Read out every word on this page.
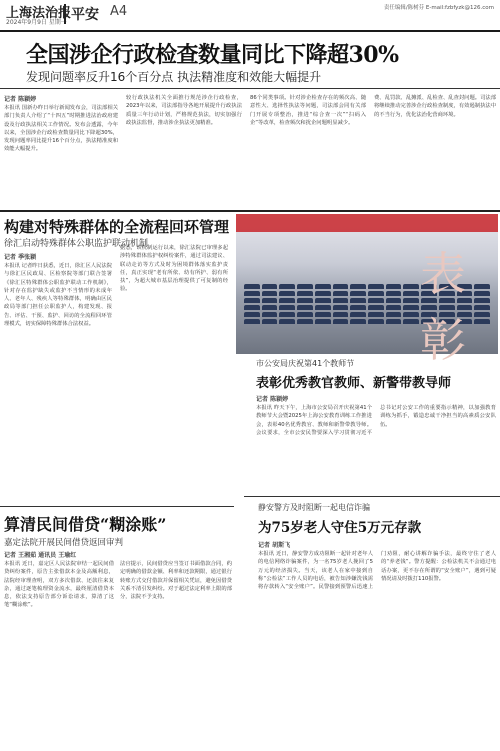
上海法治报
2024年9月9日 星期一 平安 A4	责任编辑/陈树芬 E-mail:fzbfyzk@126.com
全国涉企行政检查数量同比下降超30%
发现问题率反升16个百分点 执法精准度和效能大幅提升
记者 陈颖婷
本报讯 国新办昨日举行新闻发布会，司法部相关部门负责人介绍了“十四五”时期推进法治政府建设及行政执法相关工作情况。发布会透露，今年以来，全国涉企行政检查数量同比下降超30%，发现问题率同比提升16个百分点，执法精准度和效能大幅提升。
较行政执法机关全面推行规范涉企行政检查，2023年以来，司法部指导各地开展提升行政执法质量三年行动计划，严格规范执法，切实加强行政执法监督，推动涉企执法更加精准。
86个同类事项。针对涉企检查存在的频次高、随意性大、选择性执法等问题，司法部会同有关部门开展专项整治，推进“综合查一次”“扫码入企”等改革，检查频次和扰企问题明显减少。
费、乱罚款、乱摊派、乱检查、乱查封问题。司法部将继续推动完善涉企行政检查制度，有效遏制执法中的不当行为，优化法治化营商环境。
构建对特殊群体的全流程回环管理
徐汇启动特殊群体公职监护联动机制
记者 季张颖
本报讯 记者昨日获悉，近日，徐汇区人民法院与徐汇区民政局、区检察院等部门联合签署《徐汇区特殊群体公职监护联动工作机制》，针对存在监护缺失或监护不当情形的未成年人、老年人、残疾人等特殊群体，明确由区民政局等部门担任公职监护人，构建发现、报告、评估、干预、监护、回访的全流程回环管理模式，切实保障特殊群体合法权益。
据悉，该机制运行以来，徐汇法院已审理多起涉特殊群体监护权纠纷案件，通过司法建议、联动走访等方式及时为困境群体落实监护责任，真正实现“老有所依、幼有所护、弱有所扶”，为超大城市基层治理提供了可复制的经验。	表彰
市公安局庆祝第41个教师节
表彰优秀教官教师、新警带教导师
记者 陈颖婷
本报讯 昨天下午，上海市公安局召开庆祝第41个教师节大会暨2025年上海公安教育训练工作推进会，表彰40名优秀教官、教师和新警带教导师。会议要求，全市公安民警要深入学习贯彻习近平总书记对公安工作的重要指示精神，以加强教育训练为抓手，锻造忠诚干净担当的高素质公安队伍。
算清民间借贷“糊涂账”
嘉定法院开展民间借贷返回审判
记者 王湘茹 通讯员 王瑜红
本报讯 近日，嘉定区人民法院审结一起民间借贷纠纷案件，原告主张借款本金及高额利息，法院经审理查明，双方多次借款、还款往来复杂，通过逐笔梳理资金流水，最终厘清借贷本息，依法支持原告部分诉讼请求，算清了这笔“糊涂账”。
法官提示，民间借贷应当签订书面借款合同，约定明确的借款金额、利率和还款期限，通过银行转账方式交付借款并保留相关凭证，避免因借贷关系不清引发纠纷。对于超过法定利率上限的部分，法院不予支持。
静安警方及时阻断一起电信诈骗
为75岁老人守住5万元存款
记者 胡斯飞
本报讯 近日，静安警方成功阻断一起针对老年人的电信网络诈骗案件，为一名75岁老人挽回了5万元的经济损失。当天，该老人在家中接到自称“公检法”工作人员的电话，被告知涉嫌洗钱需将存款转入“安全账户”。民警接到预警后迅速上门劝阻，耐心讲解诈骗手法，最终守住了老人的“养老钱”。警方提醒：公检法机关不会通过电话办案，更不存在所谓的“安全账户”，遇到可疑情况请及时拨打110报警。
